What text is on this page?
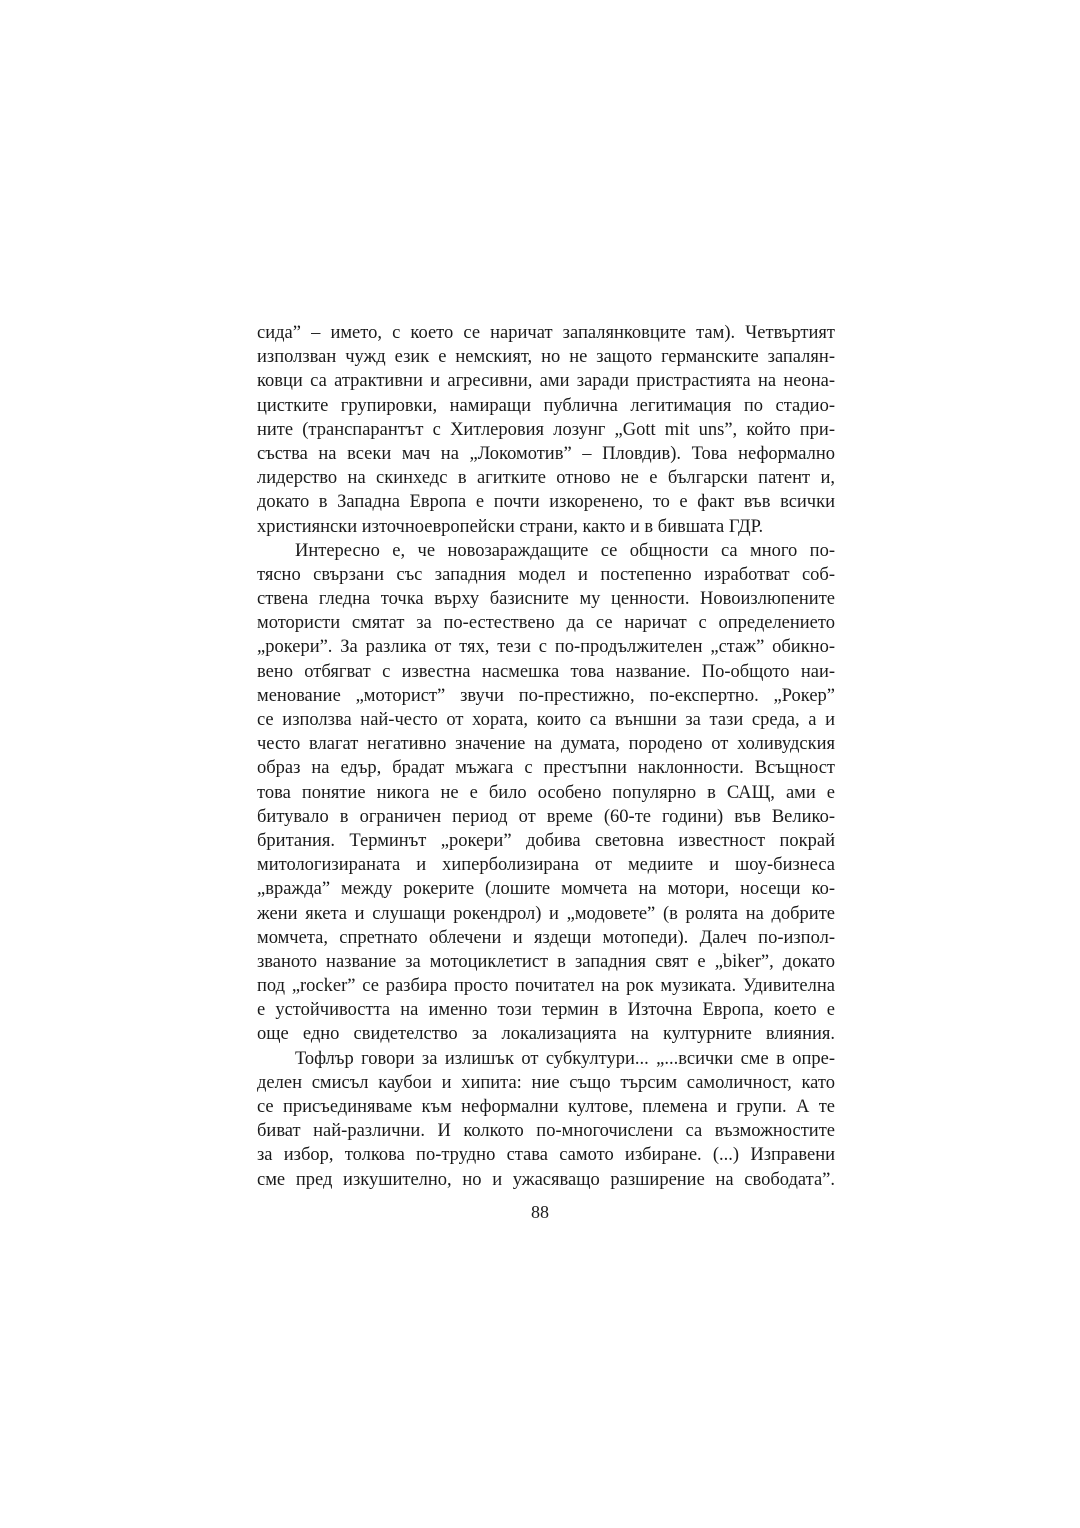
сида” – името, с което се наричат запалянковците там). Четвъртият
използван чужд език е немският, но не защото германските запалян-
ковци са атрактивни и агресивни, ами заради пристрастията на неона-
цистките групировки, намиращи публична легитимация по стадио-
ните (транспарантът с Хитлеровия лозунг „Gott mit uns”, който при-
съства на всеки мач на „Локомотив” – Пловдив). Това неформално
лидерство на скинхедс в агитките отново не е български патент и,
докато в Западна Европа е почти изкоренено, то е факт във всички
християнски източноевропейски страни, както и в бившата ГДР.
Интересно е, че новозараждащите се общности са много по-
тясно свързани със западния модел и постепенно изработват соб-
ствена гледна точка върху базисните му ценности. Новоизлюпените
мотористи смятат за по-естествено да се наричат с определението
„рокери”. За разлика от тях, тези с по-продължителен „стаж” обикно-
вено отбягват с известна насмешка това название. По-общото наи-
менование „моторист” звучи по-престижно, по-експертно. „Рокер”
се използва най-често от хората, които са външни за тази среда, а и
често влагат негативно значение на думата, породено от холивудския
образ на едър, брадат мъжага с престъпни наклонности. Всъщност
това понятие никога не е било особено популярно в САЩ, ами е
битувало в ограничен период от време (60-те години) във Велико-
британия. Терминът „рокери” добива световна известност покрай
митологизираната и хиперболизирана от медиите и шоу-бизнеса
„вражда” между рокерите (лошите момчета на мотори, носещи ко-
жени якета и слушащи рокендрол) и „модовете” (в ролята на добрите
момчета, спретнато облечени и яздещи мотопеди). Далеч по-изпол-
званото название за мотоциклетист в западния свят е „biker”, докато
под „rocker” се разбира просто почитател на рок музиката. Удивителна
е устойчивостта на именно този термин в Източна Европа, което е
още едно свидетелство за локализацията на културните влияния.
Тофлър говори за излишък от субкултури... „...всички сме в опре-
делен смисъл каубои и хипита: ние също търсим самоличност, като
се присъединяваме към неформални култове, племена и групи. А те
биват най-различни. И колкото по-многочислени са възможностите
за избор, толкова по-трудно става самото избиране. (...) Изправени
сме пред изкушително, но и ужасяващо разширение на свободата”.
88
